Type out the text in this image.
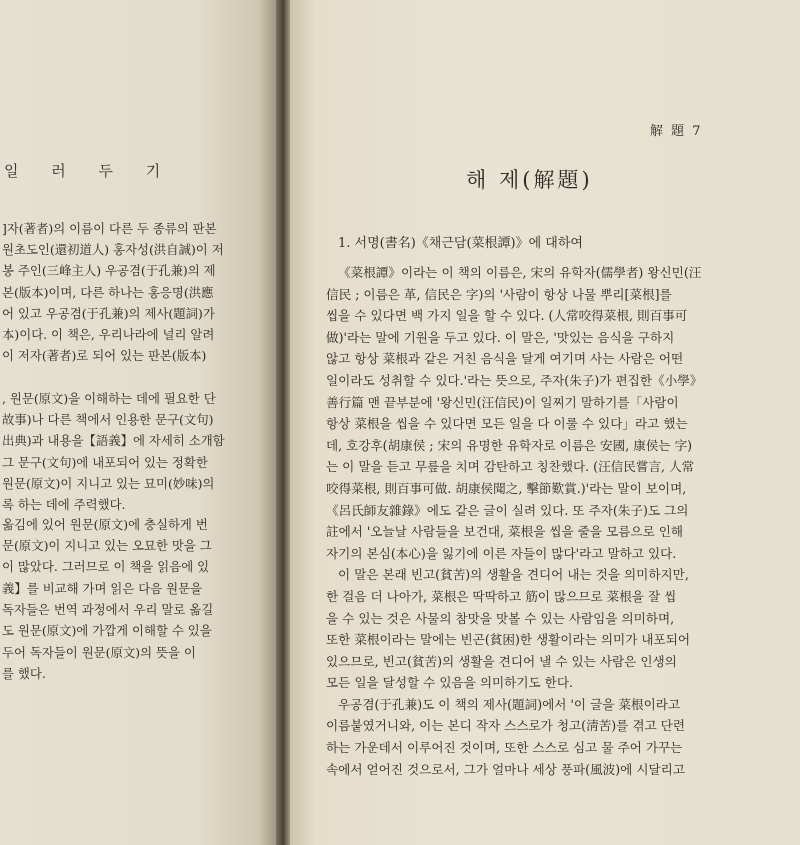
일 러 두 기
]자(著者)의 이름이 다른 두 종류의 판본
원초도인(還初道人) 홍자성(洪自誠)이 저
봉 주인(三峰主人) 우공겸(于孔兼)의 제
본(版本)이며, 다른 하나는 홍응명(洪應
어 있고 우공겸(于孔兼)의 제사(題詞)가
本)이다. 이 책은, 우리나라에 널리 알려
이 저자(著者)로 되어 있는 판본(版本)
, 원문(原文)을 이해하는 데에 필요한 단
故事)나 다른 책에서 인용한 문구(文句)
出典)과 내용을【語義】에 자세히 소개함
그 문구(文句)에 내포되어 있는 정확한
원문(原文)이 지니고 있는 묘미(妙味)의
록 하는 데에 주력했다.
옮김에 있어 원문(原文)에 충실하게 번
문(原文)이 지니고 있는 오묘한 맛을 그
이 많았다. 그러므로 이 책을 읽음에 있
義】를 비교해 가며 읽은 다음 원문을
독자들은 번역 과정에서 우리 말로 옮길
도 원문(原文)에 가깝게 이해할 수 있을
두어 독자들이 원문(原文)의 뜻을 이
를 했다.
解 題 7
해 제(解題)
1. 서명(書名)《채근담(菜根譚)》에 대하여
《菜根譚》이라는 이 책의 이름은, 宋의 유학자(儒學者) 왕신민(汪
信民 ; 이름은 革, 信民은 字)의 '사람이 항상 나물 뿌리[菜根]를
씹을 수 있다면 백 가지 일을 할 수 있다. (人常咬得菜根, 則百事可
做)'라는 말에 기원을 두고 있다. 이 말은, '맛있는 음식을 구하지
않고 항상 菜根과 같은 거친 음식을 달게 여기며 사는 사람은 어떤
일이라도 성취할 수 있다.'라는 뜻으로, 주자(朱子)가 편집한《小學》
善行篇 맨 끝부분에 '왕신민(汪信民)이 일찌기 말하기를「사람이
항상 菜根을 씹을 수 있다면 모든 일을 다 이룰 수 있다」라고 했는
데, 호강후(胡康侯 ; 宋의 유명한 유학자로 이름은 安國, 康侯는 字)
는 이 말을 듣고 무릎을 치며 감탄하고 칭찬했다. (汪信民嘗言, 人常
咬得菜根, 則百事可做. 胡康侯聞之, 擊節歎賞.)'라는 말이 보이며,
《呂氏師友雜錄》에도 같은 글이 실려 있다. 또 주자(朱子)도 그의
註에서 '오늘날 사람들을 보건대, 菜根을 씹을 줄을 모름으로 인해
자기의 본심(本心)을 잃기에 이른 자들이 많다'라고 말하고 있다.
이 말은 본래 빈고(貧苦)의 생활을 견디어 내는 것을 의미하지만,
한 걸음 더 나아가, 菜根은 딱딱하고 筋이 많으므로 菜根을 잘 씹
을 수 있는 것은 사물의 참맛을 맛볼 수 있는 사람임을 의미하며,
또한 菜根이라는 말에는 빈곤(貧困)한 생활이라는 의미가 내포되어
있으므로, 빈고(貧苦)의 생활을 견디어 낼 수 있는 사람은 인생의
모든 일을 달성할 수 있음을 의미하기도 한다.
우공겸(于孔兼)도 이 책의 제사(題詞)에서 '이 글을 菜根이라고
이름붙였거니와, 이는 본디 작자 스스로가 청고(淸苦)를 겪고 단련
하는 가운데서 이루어진 것이며, 또한 스스로 심고 물 주어 가꾸는
속에서 얻어진 것으로서, 그가 얼마나 세상 풍파(風波)에 시달리고
